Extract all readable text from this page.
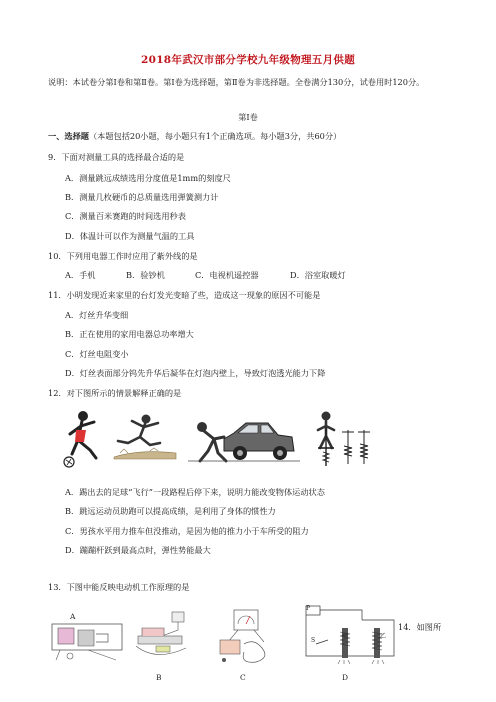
2018年武汉市部分学校九年级物理五月供题
说明：本试卷分第Ⅰ卷和第Ⅱ卷。第Ⅰ卷为选择题，第Ⅱ卷为非选择题。全卷满分130分，试卷用时120分。
第Ⅰ卷
一、选择题（本题包括20小题，每小题只有1个正确选项。每小题3分，共60分）
9．下面对测量工具的选择最合适的是
A．测量跳远成绩选用分度值是1mm的刻度尺
B．测量几枚硬币的总质量选用弹簧测力计
C．测量百米赛跑的时间选用秒表
D．体温计可以作为测量气温的工具
10．下列用电器工作时应用了紫外线的是
A．手机	B．验钞机	C．电视机遥控器	D．浴室取暖灯
11．小明发现近来家里的台灯发光变暗了些，造成这一现象的原因不可能是
A．灯丝升华变细
B．正在使用的家用电器总功率增大
C．灯丝电阻变小
D．灯丝表面部分钨先升华后凝华在灯泡内壁上，导致灯泡透光能力下降
12．对下图所示的情景解释正确的是
A．踢出去的足球“飞行”一段路程后停下来，说明力能改变物体运动状态
B．跳远运动员助跑可以提高成绩，是利用了身体的惯性力
C．男孩水平用力推车但没推动，是因为他的推力小于车所受的阻力
D．蹦蹦杆跃到最高点时，弹性势能最大
13．下图中能反映电动机工作原理的是
A
B	C
P
S
甲	乙
D
14．如图所
